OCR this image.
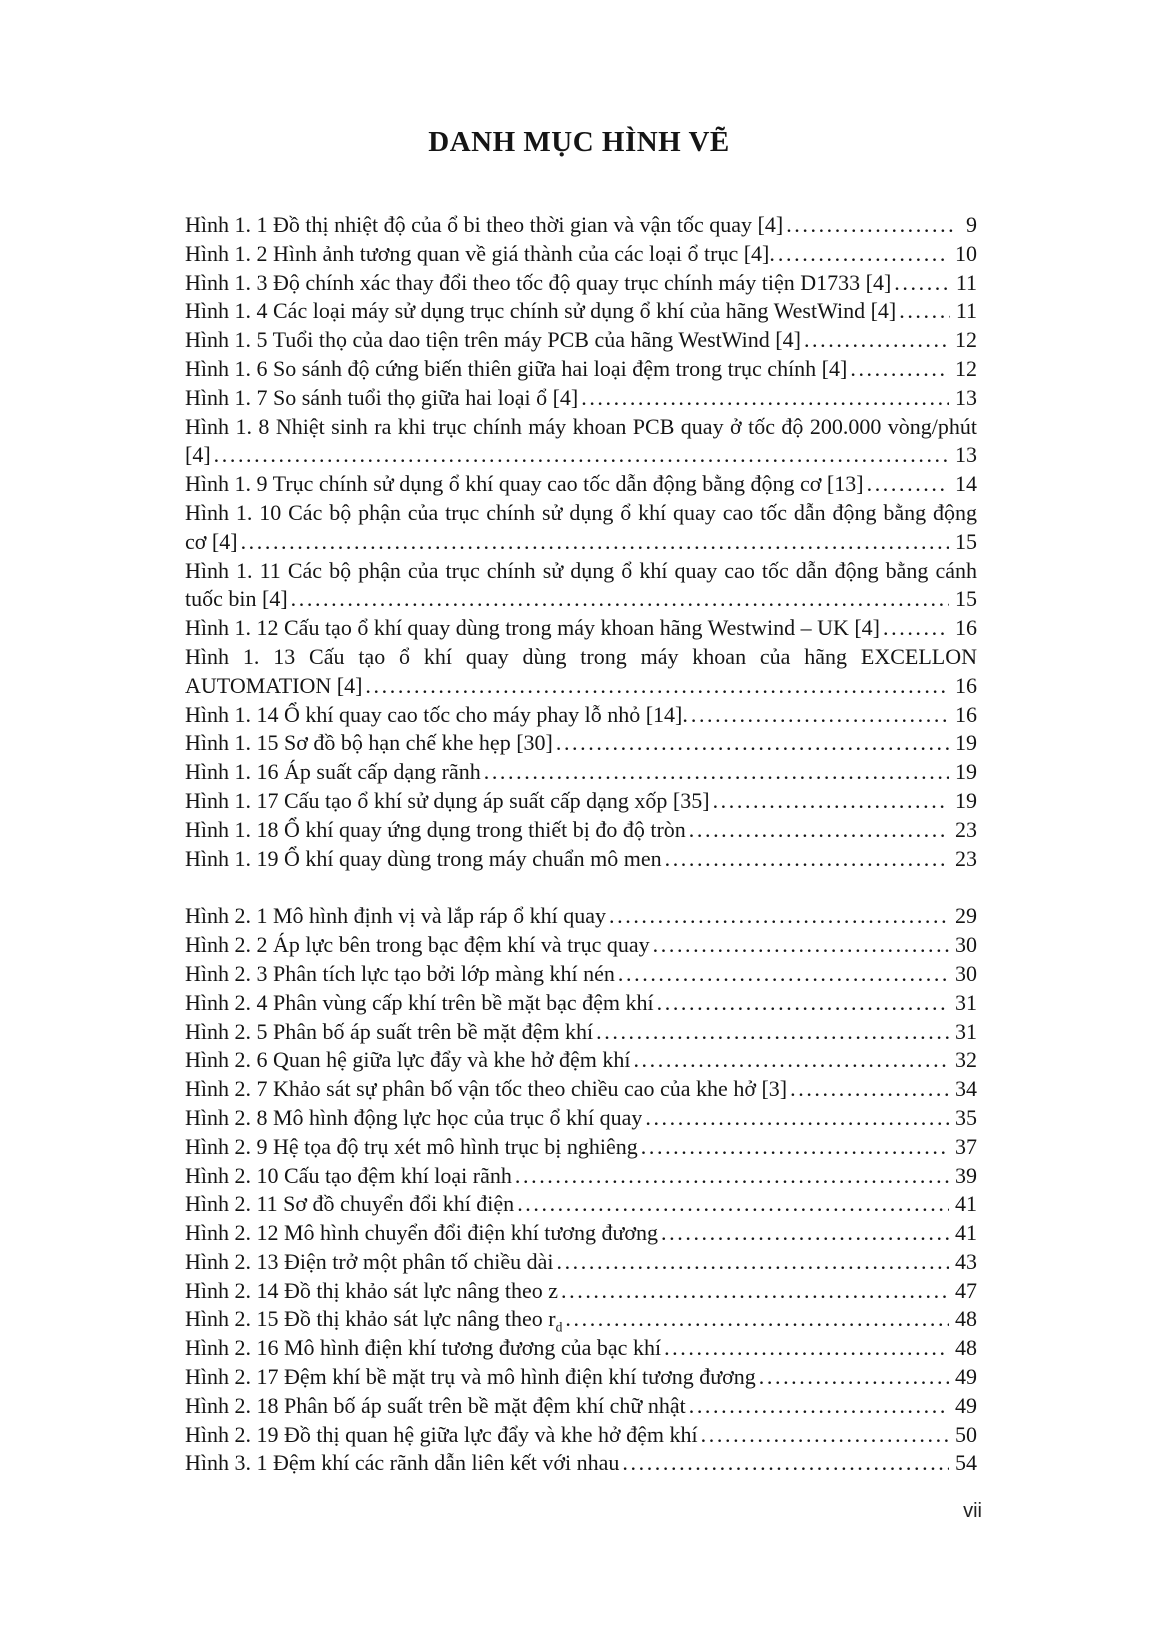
DANH MỤC HÌNH VẼ
Hình 1. 1 Đồ thị nhiệt độ của ổ bi theo thời gian và vận tốc quay [4] .....	9
Hình 1. 2 Hình ảnh tương quan về giá thành của các loại ổ trục [4]. .....	10
Hình 1. 3 Độ chính xác thay đổi theo tốc độ quay trục chính máy tiện D1733 [4] .....	11
Hình 1. 4 Các loại máy sử dụng trục chính sử dụng ổ khí của hãng WestWind [4] .....	11
Hình 1. 5 Tuổi thọ của dao tiện trên máy PCB của hãng WestWind [4] .....	12
Hình 1. 6 So sánh độ cứng biến thiên giữa hai loại đệm trong trục chính [4] .....	12
Hình 1. 7 So sánh tuổi thọ giữa hai loại ổ [4] .....	13
Hình 1. 8 Nhiệt sinh ra khi trục chính máy khoan PCB quay ở tốc độ 200.000 vòng/phút
[4] .....	13
Hình 1. 9 Trục chính sử dụng ổ khí quay cao tốc dẫn động bằng động cơ [13] .....	14
Hình 1. 10 Các bộ phận của trục chính sử dụng ổ khí quay cao tốc dẫn động bằng động
cơ [4] .....	15
Hình 1. 11 Các bộ phận của trục chính sử dụng ổ khí quay cao tốc dẫn động bằng cánh
tuốc bin [4] .....	15
Hình 1. 12 Cấu tạo ổ khí quay dùng trong máy khoan hãng Westwind – UK [4] .....	16
Hình 1. 13 Cấu tạo ổ khí quay dùng trong máy khoan của hãng EXCELLON
AUTOMATION [4] .....	16
Hình 1. 14 Ổ khí quay cao tốc cho máy phay lỗ nhỏ [14]. .....	16
Hình 1. 15 Sơ đồ bộ hạn chế khe hẹp [30] .....	19
Hình 1. 16 Áp suất cấp dạng rãnh .....	19
Hình 1. 17 Cấu tạo ổ khí sử dụng áp suất cấp dạng xốp [35] .....	19
Hình 1. 18 Ổ khí quay ứng dụng trong thiết bị đo độ tròn .....	23
Hình 1. 19 Ổ khí quay dùng trong máy chuẩn mô men .....	23
Hình 2. 1 Mô hình định vị và lắp ráp ổ khí quay .....	29
Hình 2. 2 Áp lực bên trong bạc đệm khí và trục quay .....	30
Hình 2. 3 Phân tích lực tạo bởi lớp màng khí nén .....	30
Hình 2. 4 Phân vùng cấp khí trên bề mặt bạc đệm khí .....	31
Hình 2. 5 Phân bố áp suất trên bề mặt đệm khí .....	31
Hình 2. 6 Quan hệ giữa lực đẩy và khe hở đệm khí .....	32
Hình 2. 7 Khảo sát sự phân bố vận tốc theo chiều cao của khe hở [3] .....	34
Hình 2. 8 Mô hình động lực học của trục ổ khí quay .....	35
Hình 2. 9 Hệ tọa độ trụ xét mô hình trục bị nghiêng .....	37
Hình 2. 10 Cấu tạo đệm khí loại rãnh .....	39
Hình 2. 11 Sơ đồ chuyển đổi khí điện .....	41
Hình 2. 12 Mô hình chuyển đổi điện khí tương đương .....	41
Hình 2. 13 Điện trở một phân tố chiều dài .....	43
Hình 2. 14 Đồ thị khảo sát lực nâng theo z .....	47
Hình 2. 15 Đồ thị khảo sát lực nâng theo $r_d$ .....	48
Hình 2. 16 Mô hình điện khí tương đương của bạc khí .....	48
Hình 2. 17 Đệm khí bề mặt trụ và mô hình điện khí tương đương .....	49
Hình 2. 18 Phân bố áp suất trên bề mặt đệm khí chữ nhật .....	49
Hình 2. 19 Đồ thị quan hệ giữa lực đẩy và khe hở đệm khí .....	50
Hình 3. 1 Đệm khí các rãnh dẫn liên kết với nhau .....	54
vii
